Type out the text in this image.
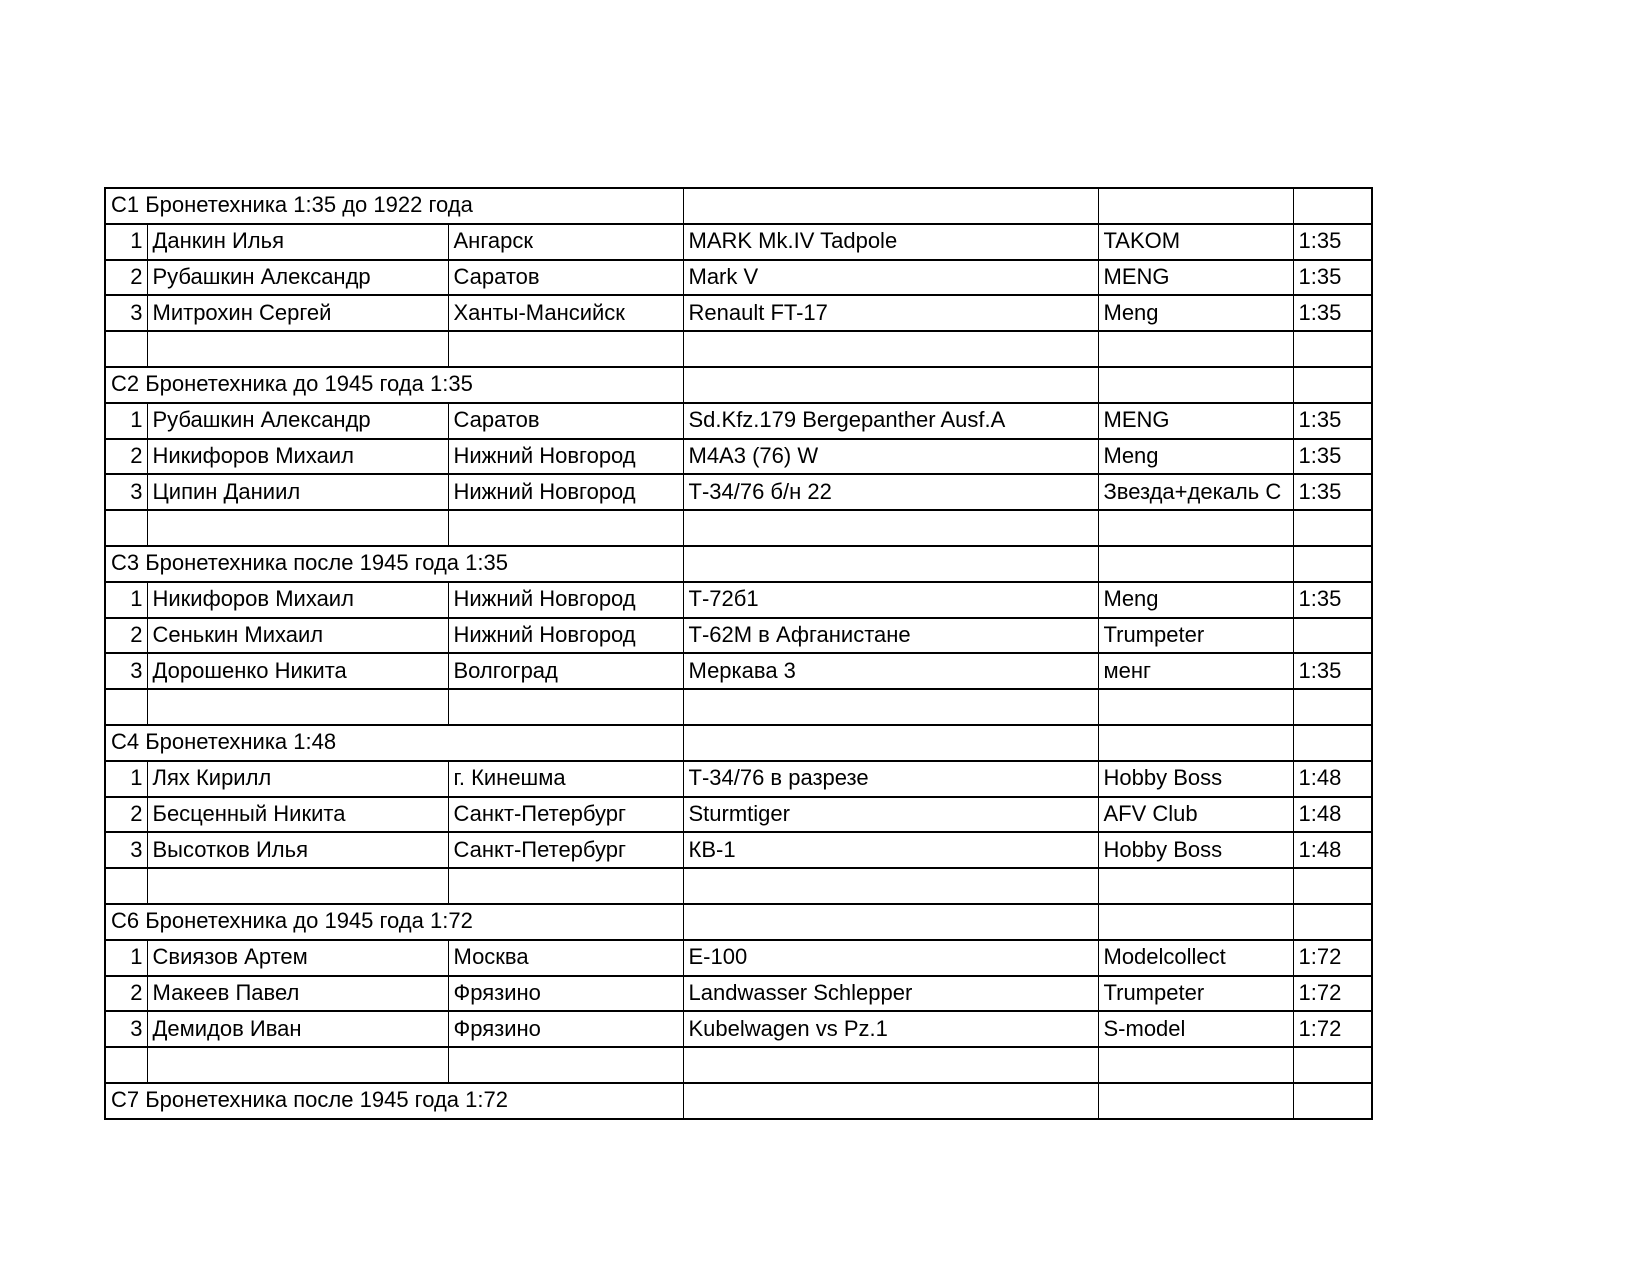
С1 Бронетехника 1:35 до 1922 года					
1	Данкин Илья	Ангарск	MARK Mk.IV Tadpole	TAKOM	1:35
2	Рубашкин Александр	Саратов	Mark V	MENG	1:35
3	Митрохин Сергей	Ханты-Мансийск	Renault FT-17	Meng	1:35

С2 Бронетехника до 1945 года 1:35					
1	Рубашкин Александр	Саратов	Sd.Kfz.179 Bergepanther Ausf.A	MENG	1:35
2	Никифоров Михаил	Нижний Новгород	M4A3 (76) W	Meng	1:35
3	Ципин Даниил	Нижний Новгород	Т-34/76 б/н 22	Звезда+декаль С	1:35

С3 Бронетехника после 1945 года 1:35					
1	Никифоров Михаил	Нижний Новгород	Т-72б1	Meng	1:35
2	Сенькин Михаил	Нижний Новгород	Т-62М в Афганистане	Trumpeter	
3	Дорошенко Никита	Волгоград	Меркава 3	менг	1:35

С4 Бронетехника 1:48					
1	Лях Кирилл	г. Кинешма	Т-34/76 в разрезе	Hobby Boss	1:48
2	Бесценный Никита	Санкт-Петербург	Sturmtiger	AFV Club	1:48
3	Высотков Илья	Санкт-Петербург	КВ-1	Hobby Boss	1:48

С6 Бронетехника до 1945 года 1:72					
1	Свиязов Артем	Москва	E-100	Modelcollect	1:72
2	Макеев Павел	Фрязино	Landwasser Schlepper	Trumpeter	1:72
3	Демидов Иван	Фрязино	Kubelwagen vs Pz.1	S-model	1:72

С7 Бронетехника после 1945 года 1:72					
